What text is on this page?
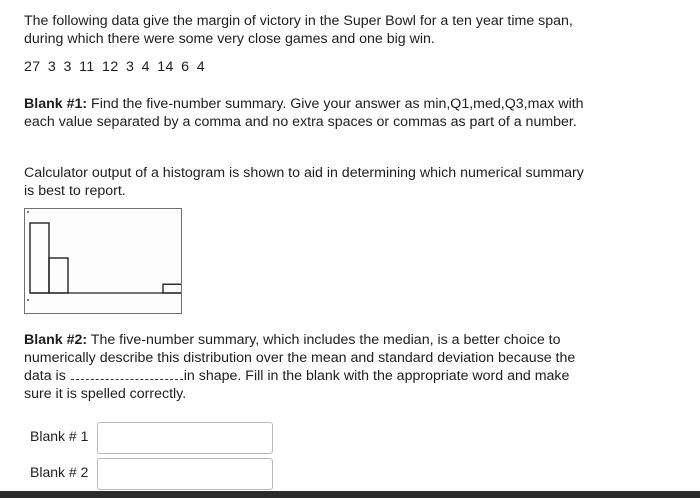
The following data give the margin of victory in the Super Bowl for a ten year time span, during which there were some very close games and one big win.

27 3 3 11 12 3 4 14 6 4

Blank #1: Find the five-number summary. Give your answer as min,Q1,med,Q3,max with each value separated by a comma and no extra spaces or commas as part of a number.

Calculator output of a histogram is shown to aid in determining which numerical summary is best to report.

Blank #2: The five-number summary, which includes the median, is a better choice to numerically describe this distribution over the mean and standard deviation because the data is	in shape. Fill in the blank with the appropriate word and make sure it is spelled correctly.

Blank # 1
Blank # 2
